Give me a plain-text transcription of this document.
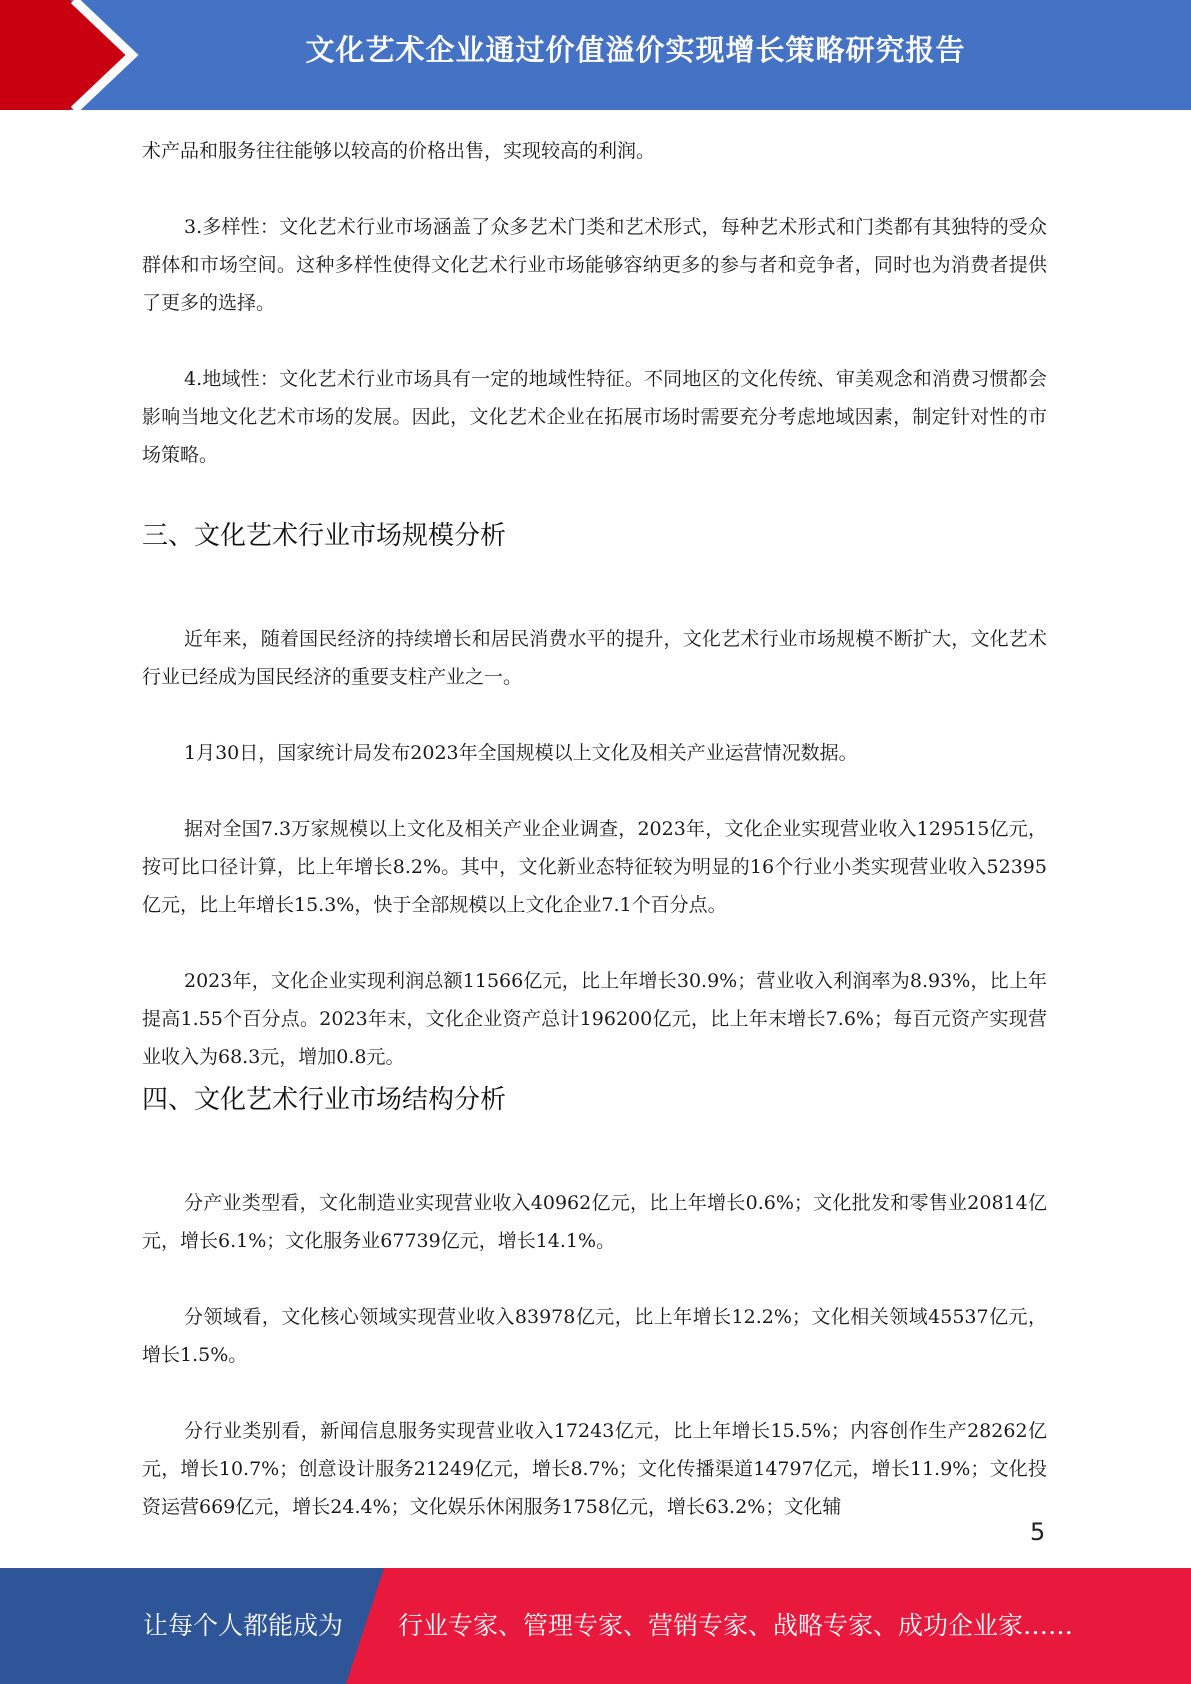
文化艺术企业通过价值溢价实现增长策略研究报告

术产品和服务往往能够以较高的价格出售，实现较高的利润。

3.多样性：文化艺术行业市场涵盖了众多艺术门类和艺术形式，每种艺术形式和门类都有其独特的受众群体和市场空间。这种多样性使得文化艺术行业市场能够容纳更多的参与者和竞争者，同时也为消费者提供了更多的选择。

4.地域性：文化艺术行业市场具有一定的地域性特征。不同地区的文化传统、审美观念和消费习惯都会影响当地文化艺术市场的发展。因此，文化艺术企业在拓展市场时需要充分考虑地域因素，制定针对性的市场策略。

三、文化艺术行业市场规模分析

近年来，随着国民经济的持续增长和居民消费水平的提升，文化艺术行业市场规模不断扩大，文化艺术行业已经成为国民经济的重要支柱产业之一。

1月30日，国家统计局发布2023年全国规模以上文化及相关产业运营情况数据。

据对全国7.3万家规模以上文化及相关产业企业调查，2023年，文化企业实现营业收入129515亿元，按可比口径计算，比上年增长8.2%。其中，文化新业态特征较为明显的16个行业小类实现营业收入52395亿元，比上年增长15.3%，快于全部规模以上文化企业7.1个百分点。

2023年，文化企业实现利润总额11566亿元，比上年增长30.9%；营业收入利润率为8.93%，比上年提高1.55个百分点。2023年末，文化企业资产总计196200亿元，比上年末增长7.6%；每百元资产实现营业收入为68.3元，增加0.8元。

四、文化艺术行业市场结构分析

分产业类型看，文化制造业实现营业收入40962亿元，比上年增长0.6%；文化批发和零售业20814亿元，增长6.1%；文化服务业67739亿元，增长14.1%。

分领域看，文化核心领域实现营业收入83978亿元，比上年增长12.2%；文化相关领域45537亿元，增长1.5%。

分行业类别看，新闻信息服务实现营业收入17243亿元，比上年增长15.5%；内容创作生产28262亿元，增长10.7%；创意设计服务21249亿元，增长8.7%；文化传播渠道14797亿元，增长11.9%；文化投资运营669亿元，增长24.4%；文化娱乐休闲服务1758亿元，增长63.2%；文化辅

5
让每个人都能成为 行业专家、管理专家、营销专家、战略专家、成功企业家……
